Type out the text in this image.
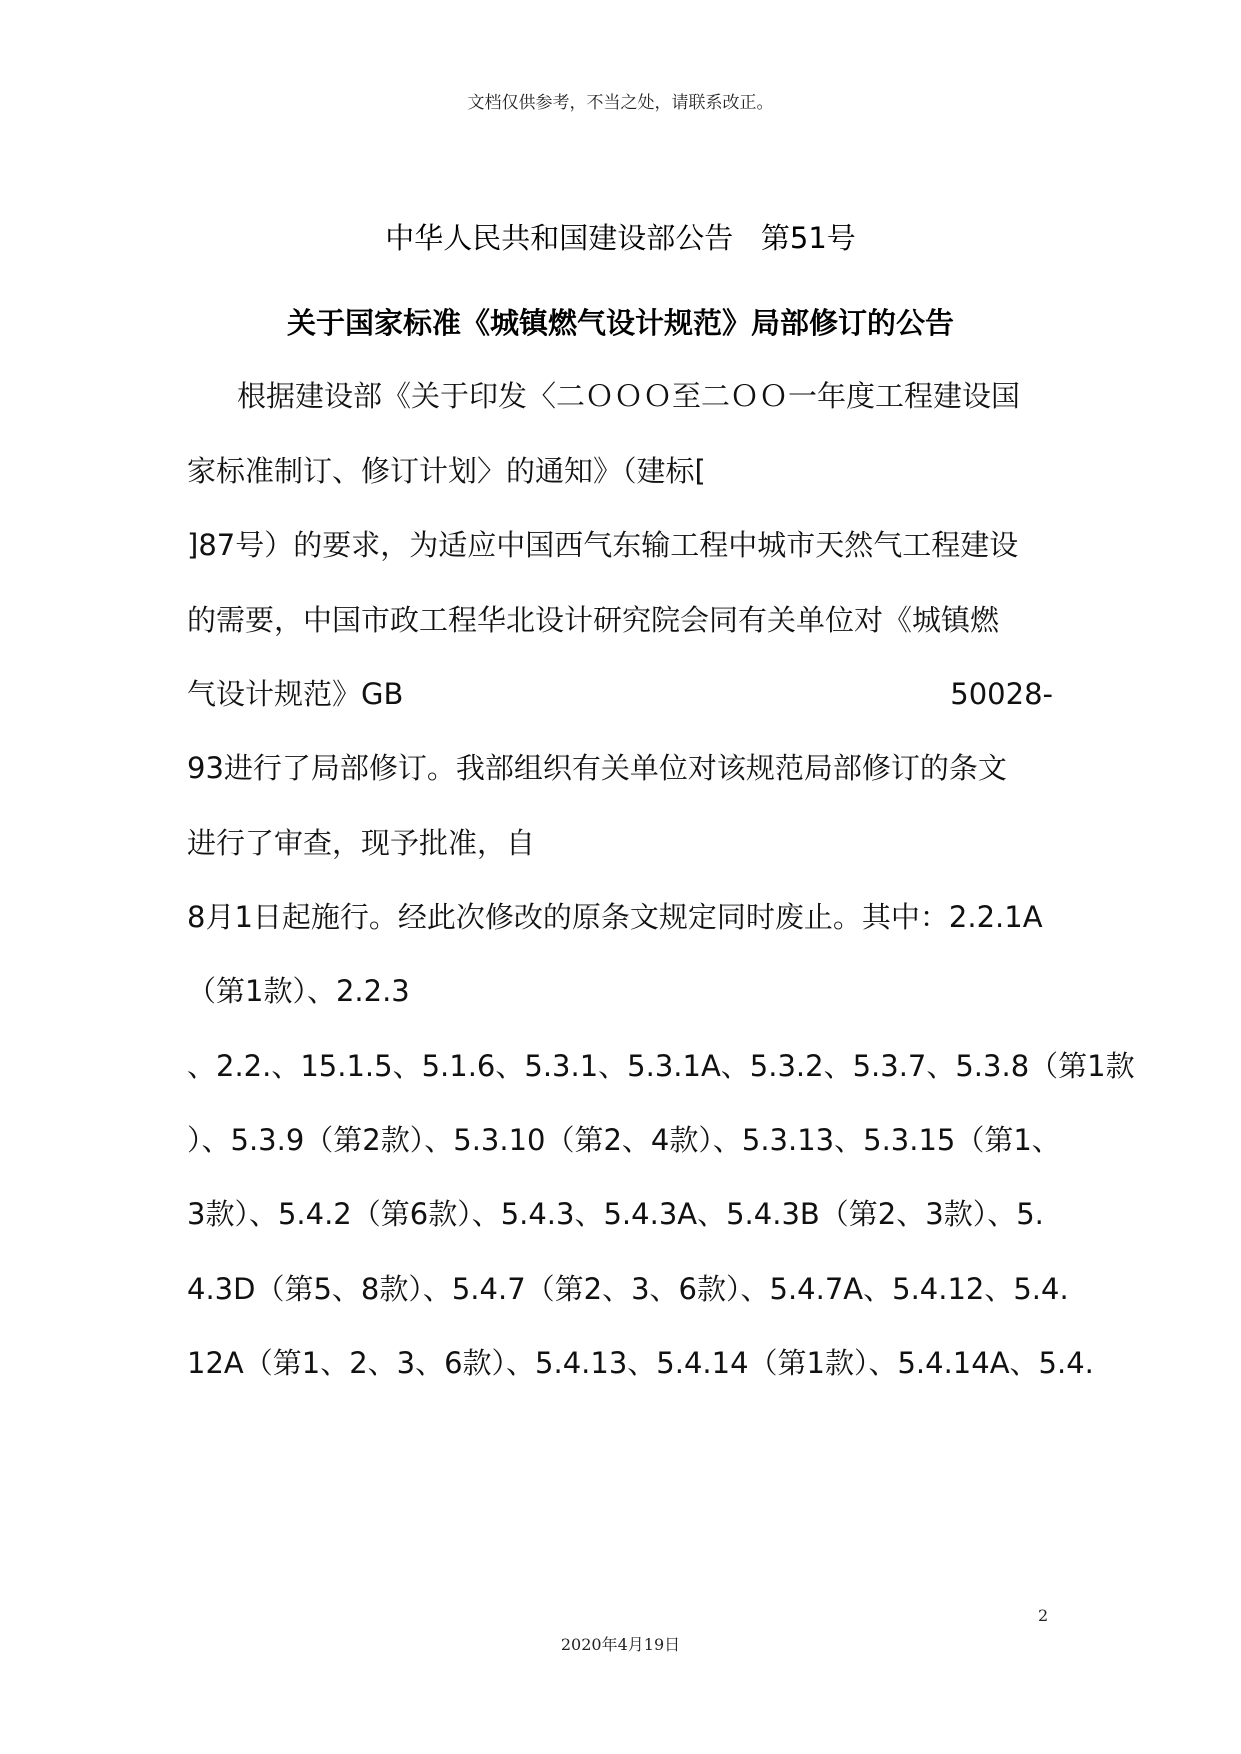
文档仅供参考，不当之处，请联系改正。
中华人民共和国建设部公告   第51号
关于国家标准《城镇燃气设计规范》局部修订的公告
根据建设部《关于印发〈二ＯＯＯ至二ＯＯ一年度工程建设国
家标准制订、修订计划〉的通知》（建标[
]87号）的要求，为适应中国西气东输工程中城市天然气工程建设
的需要，中国市政工程华北设计研究院会同有关单位对《城镇燃
气设计规范》GB	50028-
93进行了局部修订。我部组织有关单位对该规范局部修订的条文
进行了审查，现予批准，自
8月1日起施行。经此次修改的原条文规定同时废止。其中：2.2.1A
（第1款）、2.2.3
、2.2.、15.1.5、5.1.6、5.3.1、5.3.1A、5.3.2、5.3.7、5.3.8（第1款
）、5.3.9（第2款）、5.3.10（第2、4款）、5.3.13、5.3.15（第1、
3款）、5.4.2（第6款）、5.4.3、5.4.3A、5.4.3B（第2、3款）、5.
4.3D（第5、8款）、5.4.7（第2、3、6款）、5.4.7A、5.4.12、5.4.
12A（第1、2、3、6款）、5.4.13、5.4.14（第1款）、5.4.14A、5.4.
2
2020年4月19日
